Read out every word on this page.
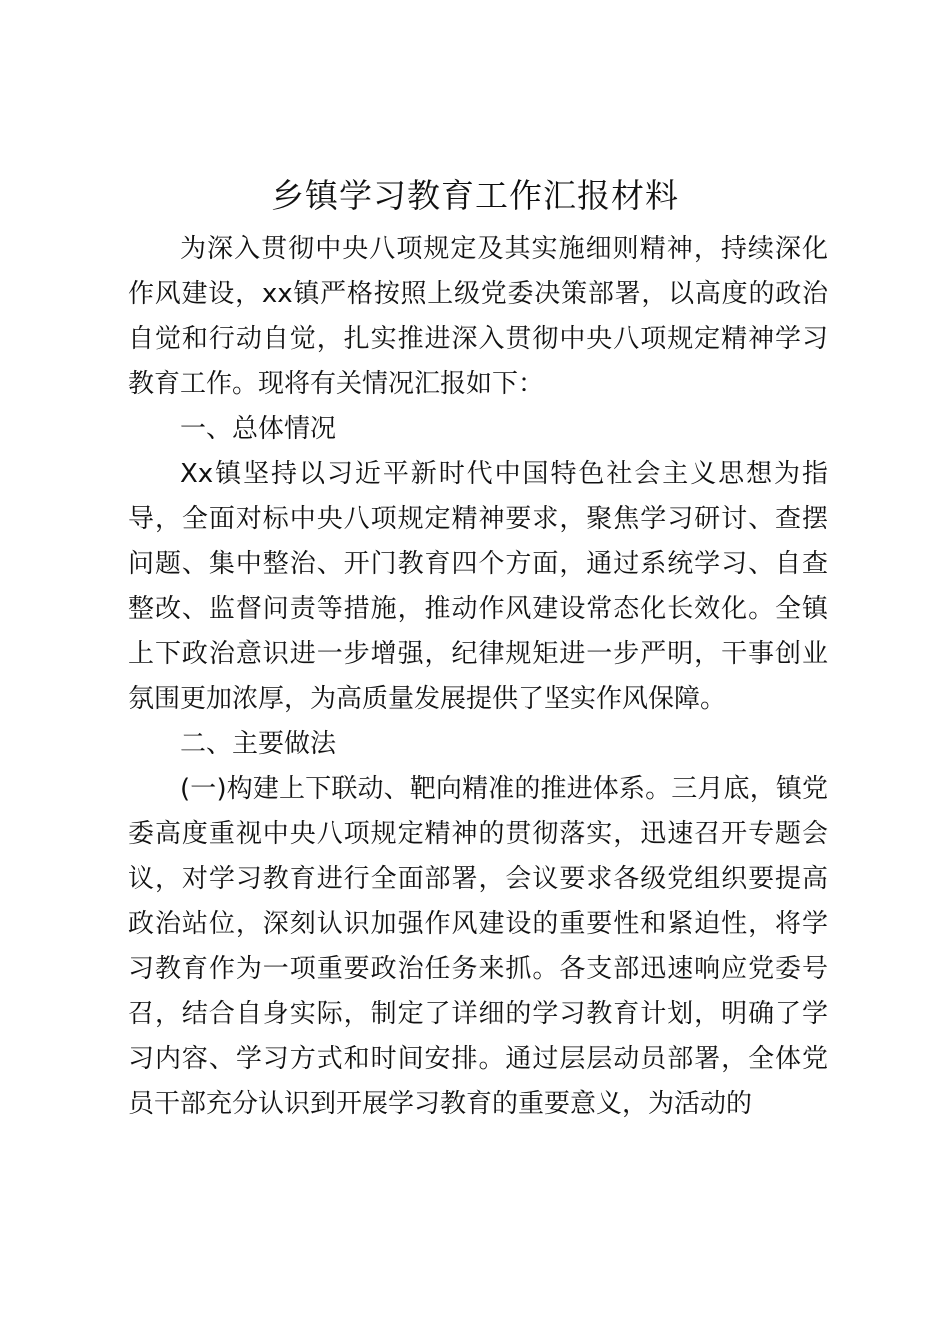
乡镇学习教育工作汇报材料

为深入贯彻中央八项规定及其实施细则精神，持续深化作风建设，xx镇严格按照上级党委决策部署，以高度的政治自觉和行动自觉，扎实推进深入贯彻中央八项规定精神学习教育工作。现将有关情况汇报如下：

一、总体情况

Xx镇坚持以习近平新时代中国特色社会主义思想为指导，全面对标中央八项规定精神要求，聚焦学习研讨、查摆问题、集中整治、开门教育四个方面，通过系统学习、自查整改、监督问责等措施，推动作风建设常态化长效化。全镇上下政治意识进一步增强，纪律规矩进一步严明，干事创业氛围更加浓厚，为高质量发展提供了坚实作风保障。

二、主要做法

(一)构建上下联动、靶向精准的推进体系。三月底，镇党委高度重视中央八项规定精神的贯彻落实，迅速召开专题会议，对学习教育进行全面部署，会议要求各级党组织要提高政治站位，深刻认识加强作风建设的重要性和紧迫性，将学习教育作为一项重要政治任务来抓。各支部迅速响应党委号召，结合自身实际，制定了详细的学习教育计划，明确了学习内容、学习方式和时间安排。通过层层动员部署，全体党员干部充分认识到开展学习教育的重要意义，为活动的
